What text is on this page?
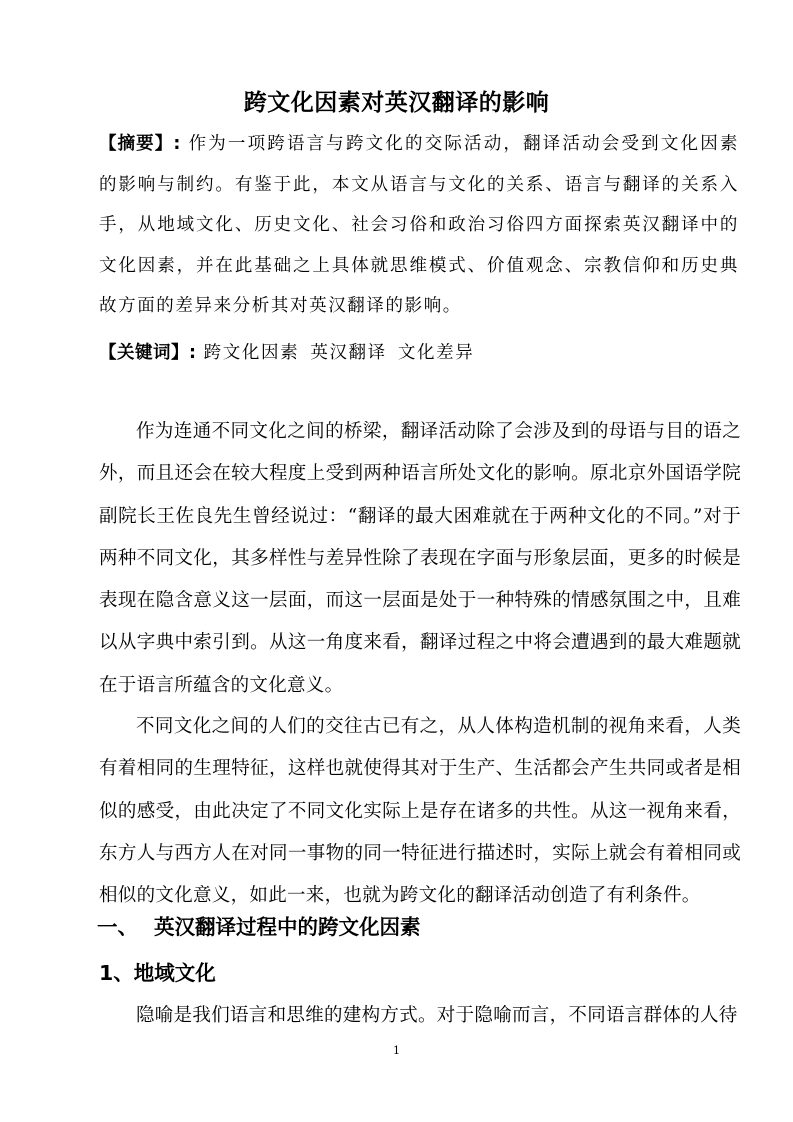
跨文化因素对英汉翻译的影响
【摘要】: 作为一项跨语言与跨文化的交际活动，翻译活动会受到文化因素的影响与制约。有鉴于此，本文从语言与文化的关系、语言与翻译的关系入手，从地域文化、历史文化、社会习俗和政治习俗四方面探索英汉翻译中的文化因素，并在此基础之上具体就思维模式、价值观念、宗教信仰和历史典故方面的差异来分析其对英汉翻译的影响。
【关键词】: 跨文化因素 英汉翻译 文化差异

作为连通不同文化之间的桥梁，翻译活动除了会涉及到的母语与目的语之外，而且还会在较大程度上受到两种语言所处文化的影响。原北京外国语学院副院长王佐良先生曾经说过：“翻译的最大困难就在于两种文化的不同。”对于两种不同文化，其多样性与差异性除了表现在字面与形象层面，更多的时候是表现在隐含意义这一层面，而这一层面是处于一种特殊的情感氛围之中，且难以从字典中索引到。从这一角度来看，翻译过程之中将会遭遇到的最大难题就在于语言所蕴含的文化意义。

不同文化之间的人们的交往古已有之，从人体构造机制的视角来看，人类有着相同的生理特征，这样也就使得其对于生产、生活都会产生共同或者是相似的感受，由此决定了不同文化实际上是存在诸多的共性。从这一视角来看，东方人与西方人在对同一事物的同一特征进行描述时，实际上就会有着相同或相似的文化意义，如此一来，也就为跨文化的翻译活动创造了有利条件。

一、 英汉翻译过程中的跨文化因素
1、地域文化

隐喻是我们语言和思维的建构方式。对于隐喻而言，不同语言群体的人待

1
